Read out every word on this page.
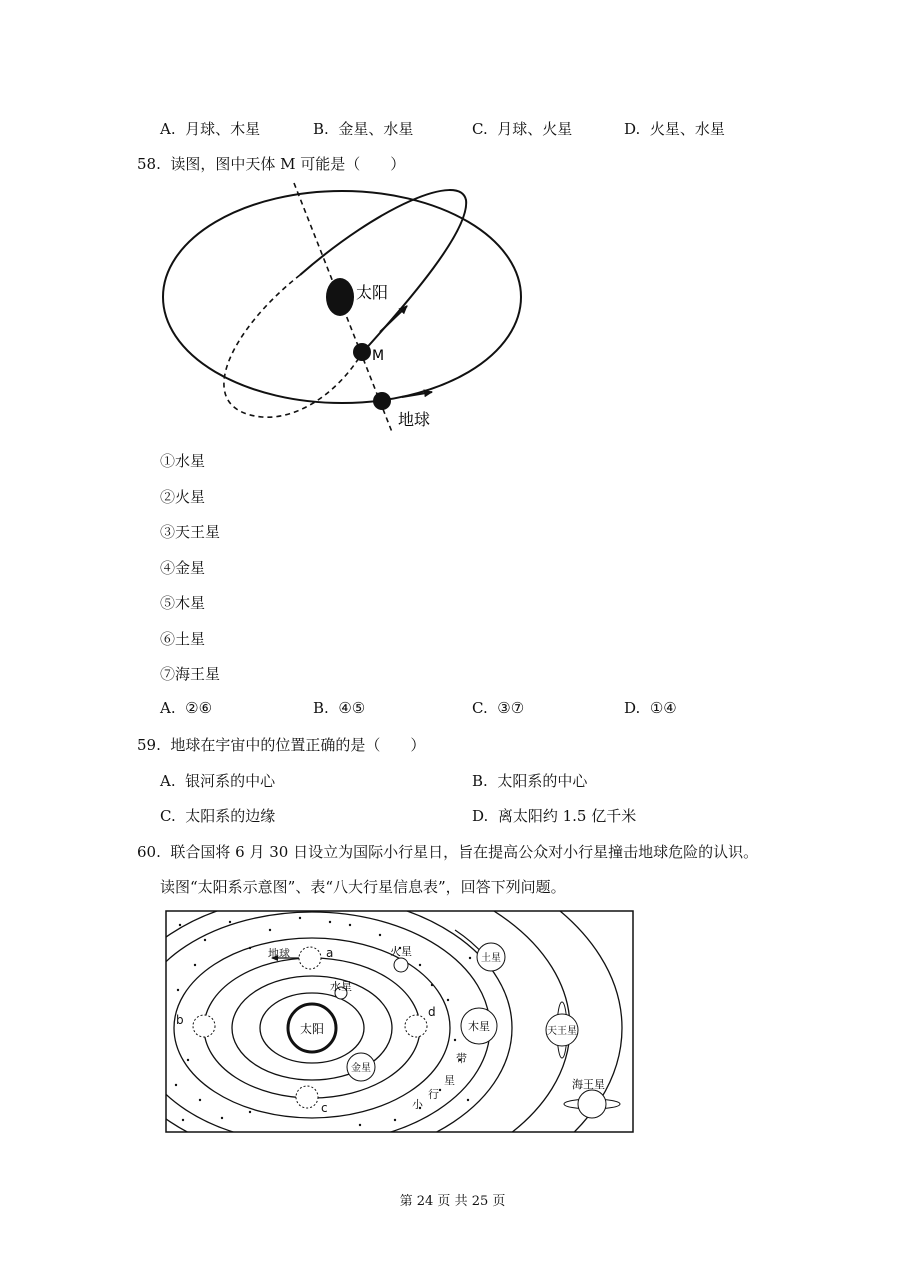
A. 月球、木星	B. 金星、水星	C. 月球、火星	D. 火星、水星
58. 读图，图中天体 M 可能是（　　）
太阳
M
地球
①水星
②火星
③天王星
④金星
⑤木星
⑥土星
⑦海王星
A. ②⑥	B. ④⑤	C. ③⑦	D. ①④
59. 地球在宇宙中的位置正确的是（　　）
A. 银河系的中心	B. 太阳系的中心
C. 太阳系的边缘	D. 离太阳约 1.5 亿千米
60. 联合国将 6 月 30 日设立为国际小行星日，旨在提高公众对小行星撞击地球危险的认识。
读图“太阳系示意图”、表“八大行星信息表”，回答下列问题。
太阳
水星
金星
火星
木星
土星
天王星
海王星
a
b
c
d
地球
小
行
星
带
第 24 页 共 25 页
